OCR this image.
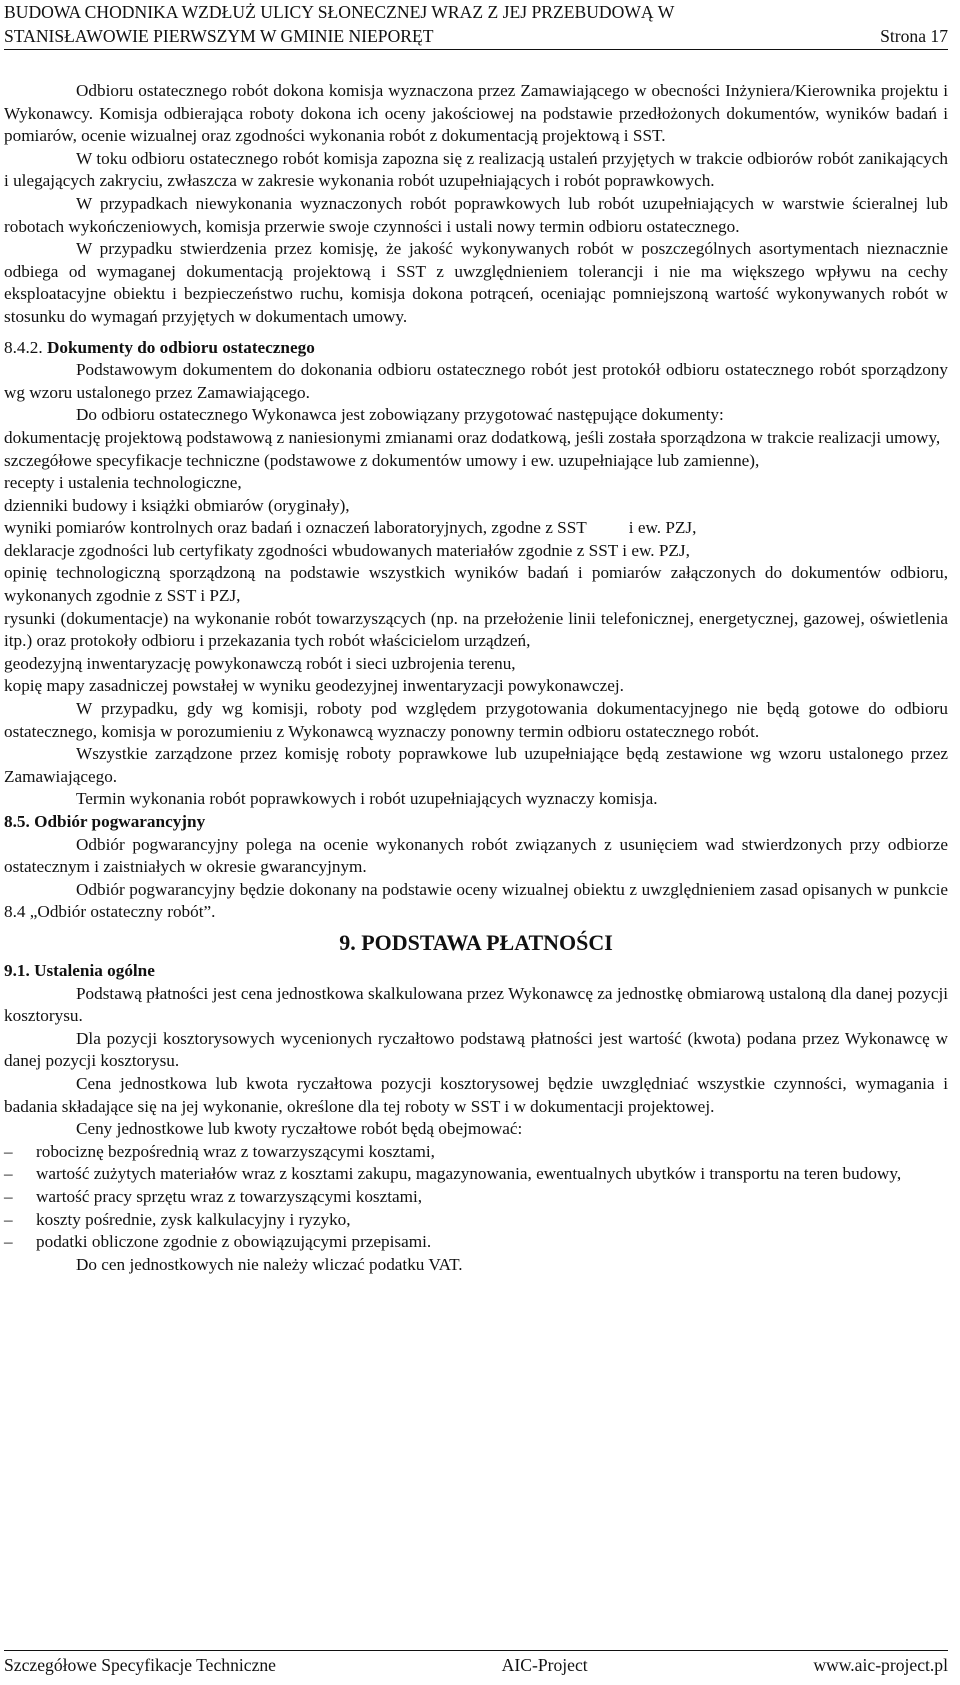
BUDOWA CHODNIKA WZDŁUŻ ULICY SŁONECZNEJ WRAZ Z JEJ PRZEBUDOWĄ W
STANISŁAWOWIE PIERWSZYM W GMINIE NIEPORĘT	Strona 17

Odbioru ostatecznego robót dokona komisja wyznaczona przez Zamawiającego w obecności Inżyniera/Kierownika projektu i Wykonawcy. Komisja odbierająca roboty dokona ich oceny jakościowej na podstawie przedłożonych dokumentów, wyników badań i pomiarów, ocenie wizualnej oraz zgodności wykonania robót z dokumentacją projektową i SST.

W toku odbioru ostatecznego robót komisja zapozna się z realizacją ustaleń przyjętych w trakcie odbiorów robót zanikających i ulegających zakryciu, zwłaszcza w zakresie wykonania robót uzupełniających i robót poprawkowych.

W przypadkach niewykonania wyznaczonych robót poprawkowych lub robót uzupełniających w warstwie ścieralnej lub robotach wykończeniowych, komisja przerwie swoje czynności i ustali nowy termin odbioru ostatecznego.

W przypadku stwierdzenia przez komisję, że jakość wykonywanych robót w poszczególnych asortymentach nieznacznie odbiega od wymaganej dokumentacją projektową i SST z uwzględnieniem tolerancji i nie ma większego wpływu na cechy eksploatacyjne obiektu i bezpieczeństwo ruchu, komisja dokona potrąceń, oceniając pomniejszoną wartość wykonywanych robót w stosunku do wymagań przyjętych w dokumentach umowy.

8.4.2. Dokumenty do odbioru ostatecznego

Podstawowym dokumentem do dokonania odbioru ostatecznego robót jest protokół odbioru ostatecznego robót sporządzony wg wzoru ustalonego przez Zamawiającego.

Do odbioru ostatecznego Wykonawca jest zobowiązany przygotować następujące dokumenty:

dokumentację projektową podstawową z naniesionymi zmianami oraz dodatkową, jeśli została sporządzona w trakcie realizacji umowy,

szczegółowe specyfikacje techniczne (podstawowe z dokumentów umowy i ew. uzupełniające lub zamienne),

recepty i ustalenia technologiczne,

dzienniki budowy i książki obmiarów (oryginały),

wyniki pomiarów kontrolnych oraz badań i oznaczeń laboratoryjnych, zgodne z SST i ew. PZJ,

deklaracje zgodności lub certyfikaty zgodności wbudowanych materiałów zgodnie z SST i ew. PZJ,

opinię technologiczną sporządzoną na podstawie wszystkich wyników badań i pomiarów załączonych do dokumentów odbioru, wykonanych zgodnie z SST i PZJ,

rysunki (dokumentacje) na wykonanie robót towarzyszących (np. na przełożenie linii telefonicznej, energetycznej, gazowej, oświetlenia itp.) oraz protokoły odbioru i przekazania tych robót właścicielom urządzeń,

geodezyjną inwentaryzację powykonawczą robót i sieci uzbrojenia terenu,

kopię mapy zasadniczej powstałej w wyniku geodezyjnej inwentaryzacji powykonawczej.

W przypadku, gdy wg komisji, roboty pod względem przygotowania dokumentacyjnego nie będą gotowe do odbioru ostatecznego, komisja w porozumieniu z Wykonawcą wyznaczy ponowny termin odbioru ostatecznego robót.

Wszystkie zarządzone przez komisję roboty poprawkowe lub uzupełniające będą zestawione wg wzoru ustalonego przez Zamawiającego.

Termin wykonania robót poprawkowych i robót uzupełniających wyznaczy komisja.

8.5. Odbiór pogwarancyjny

Odbiór pogwarancyjny polega na ocenie wykonanych robót związanych z usunięciem wad stwierdzonych przy odbiorze ostatecznym i zaistniałych w okresie gwarancyjnym.

Odbiór pogwarancyjny będzie dokonany na podstawie oceny wizualnej obiektu z uwzględnieniem zasad opisanych w punkcie 8.4 „Odbiór ostateczny robót”.

9. PODSTAWA PŁATNOŚCI

9.1. Ustalenia ogólne

Podstawą płatności jest cena jednostkowa skalkulowana przez Wykonawcę za jednostkę obmiarową ustaloną dla danej pozycji kosztorysu.

Dla pozycji kosztorysowych wycenionych ryczałtowo podstawą płatności jest wartość (kwota) podana przez Wykonawcę w danej pozycji kosztorysu.

Cena jednostkowa lub kwota ryczałtowa pozycji kosztorysowej będzie uwzględniać wszystkie czynności, wymagania i badania składające się na jej wykonanie, określone dla tej roboty w SST i w dokumentacji projektowej.

Ceny jednostkowe lub kwoty ryczałtowe robót będą obejmować:

–	robociznę bezpośrednią wraz z towarzyszącymi kosztami,
–	wartość zużytych materiałów wraz z kosztami zakupu, magazynowania, ewentualnych ubytków i transportu na teren budowy,
–	wartość pracy sprzętu wraz z towarzyszącymi kosztami,
–	koszty pośrednie, zysk kalkulacyjny i ryzyko,
–	podatki obliczone zgodnie z obowiązującymi przepisami.

Do cen jednostkowych nie należy wliczać podatku VAT.

Szczegółowe Specyfikacje Techniczne	AIC-Project	www.aic-project.pl
